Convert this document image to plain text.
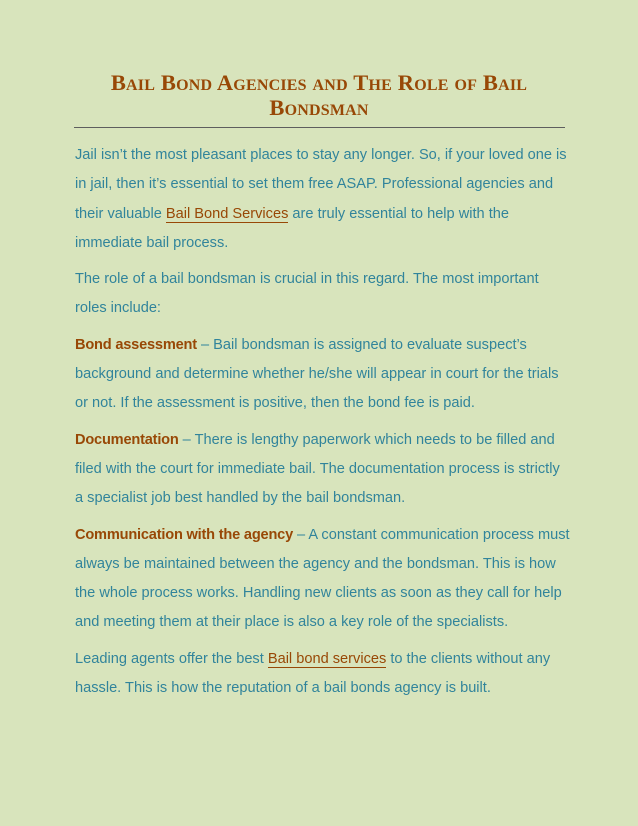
Bail Bond Agencies and The Role of Bail
Bondsman

Jail isn’t the most pleasant places to stay any longer. So, if your loved one is in jail, then it’s essential to set them free ASAP. Professional agencies and their valuable Bail Bond Services are truly essential to help with the immediate bail process.

The role of a bail bondsman is crucial in this regard. The most important roles include:

Bond assessment – Bail bondsman is assigned to evaluate suspect’s background and determine whether he/she will appear in court for the trials or not. If the assessment is positive, then the bond fee is paid.

Documentation – There is lengthy paperwork which needs to be filled and filed with the court for immediate bail. The documentation process is strictly a specialist job best handled by the bail bondsman.

Communication with the agency – A constant communication process must always be maintained between the agency and the bondsman. This is how the whole process works. Handling new clients as soon as they call for help and meeting them at their place is also a key role of the specialists.

Leading agents offer the best Bail bond services to the clients without any hassle. This is how the reputation of a bail bonds agency is built.
